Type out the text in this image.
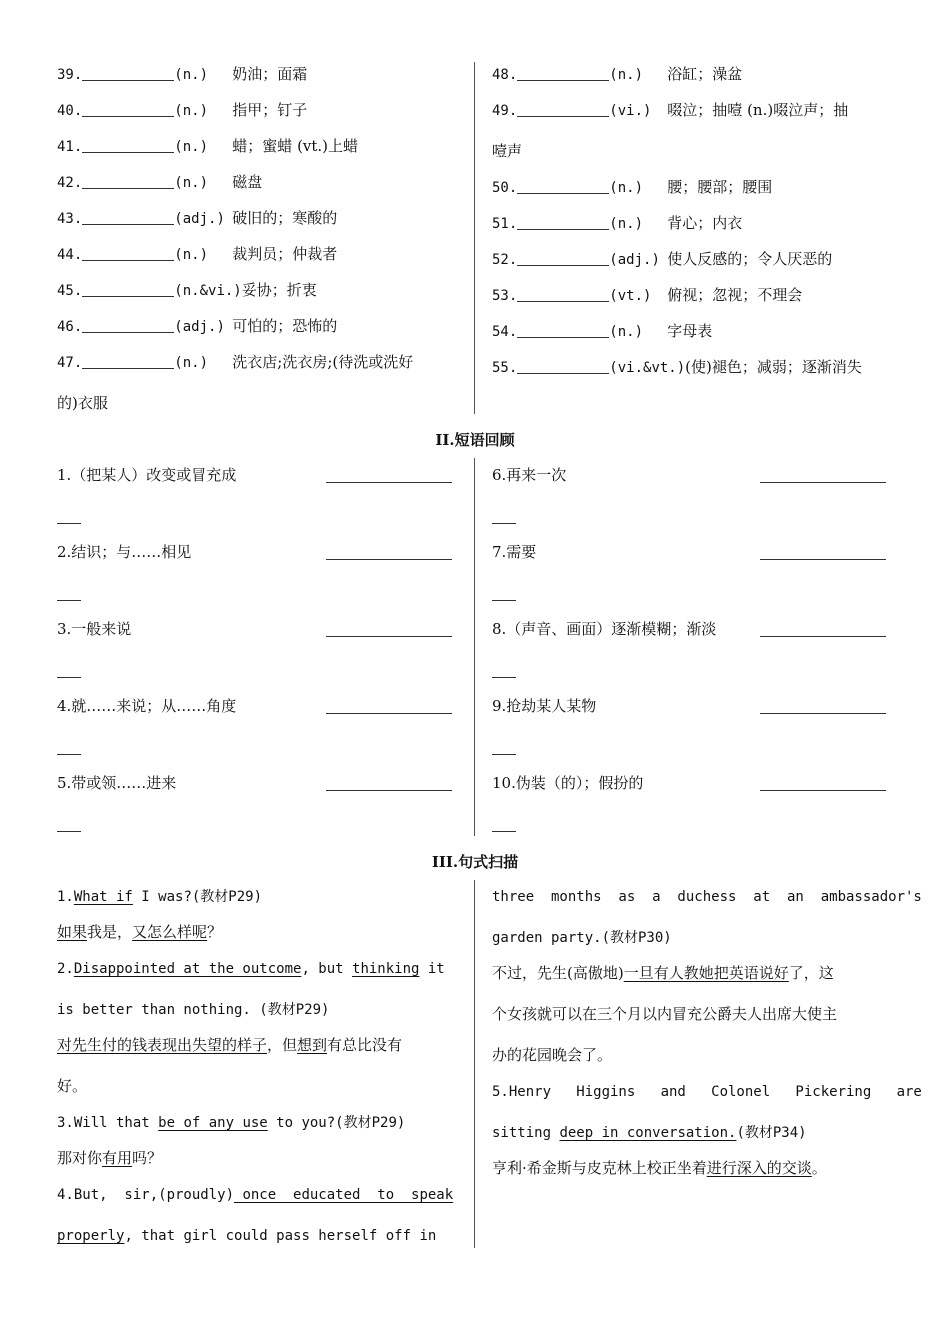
39.	(n.) 奶油；面霜
40.	(n.) 指甲；钉子
41.	(n.) 蜡；蜜蜡 (vt.)上蜡
42.	(n.) 磁盘
43.	(adj.) 破旧的；寒酸的
44.	(n.) 裁判员；仲裁者
45.	(n.&vi.)妥协；折衷
46.	(adj.) 可怕的；恐怖的
47.	(n.) 洗衣店;洗衣房;(待洗或洗好
的)衣服
48.	(n.) 浴缸；澡盆
49.	(vi.) 啜泣；抽噎 (n.)啜泣声；抽
噎声
50.	(n.) 腰；腰部；腰围
51.	(n.) 背心；内衣
52.	(adj.) 使人反感的；令人厌恶的
53.	(vt.) 俯视；忽视；不理会
54.	(n.) 字母表
55.	(vi.&vt.)(使)褪色；减弱；逐渐消失
II.短语回顾
1.（把某人）改变或冒充成
2.结识；与……相见
3.一般来说
4.就……来说；从……角度
5.带或领……进来
6.再来一次
7.需要
8.（声音、画面）逐渐模糊；渐淡
9.抢劫某人某物
10.伪装（的）；假扮的
III.句式扫描
1.What if I was?(教材P29)
如果我是，又怎么样呢？
2.Disappointed at the outcome, but thinking it
is better than nothing. (教材P29)
对先生付的钱表现出失望的样子，但想到有总比没有
好。
3.Will that be of any use to you?(教材P29)
那对你有用吗？
4.But,  sir,(proudly) once  educated  to  speak
properly, that girl could pass herself off in
three  months  as  a  duchess  at  an  ambassador's
garden party.(教材P30)
不过，先生(高傲地)一旦有人教她把英语说好了，这
个女孩就可以在三个月以内冒充公爵夫人出席大使主
办的花园晚会了。
5.Henry   Higgins   and   Colonel   Pickering   are
sitting deep in conversation.(教材P34)
亨利·希金斯与皮克林上校正坐着进行深入的交谈。
